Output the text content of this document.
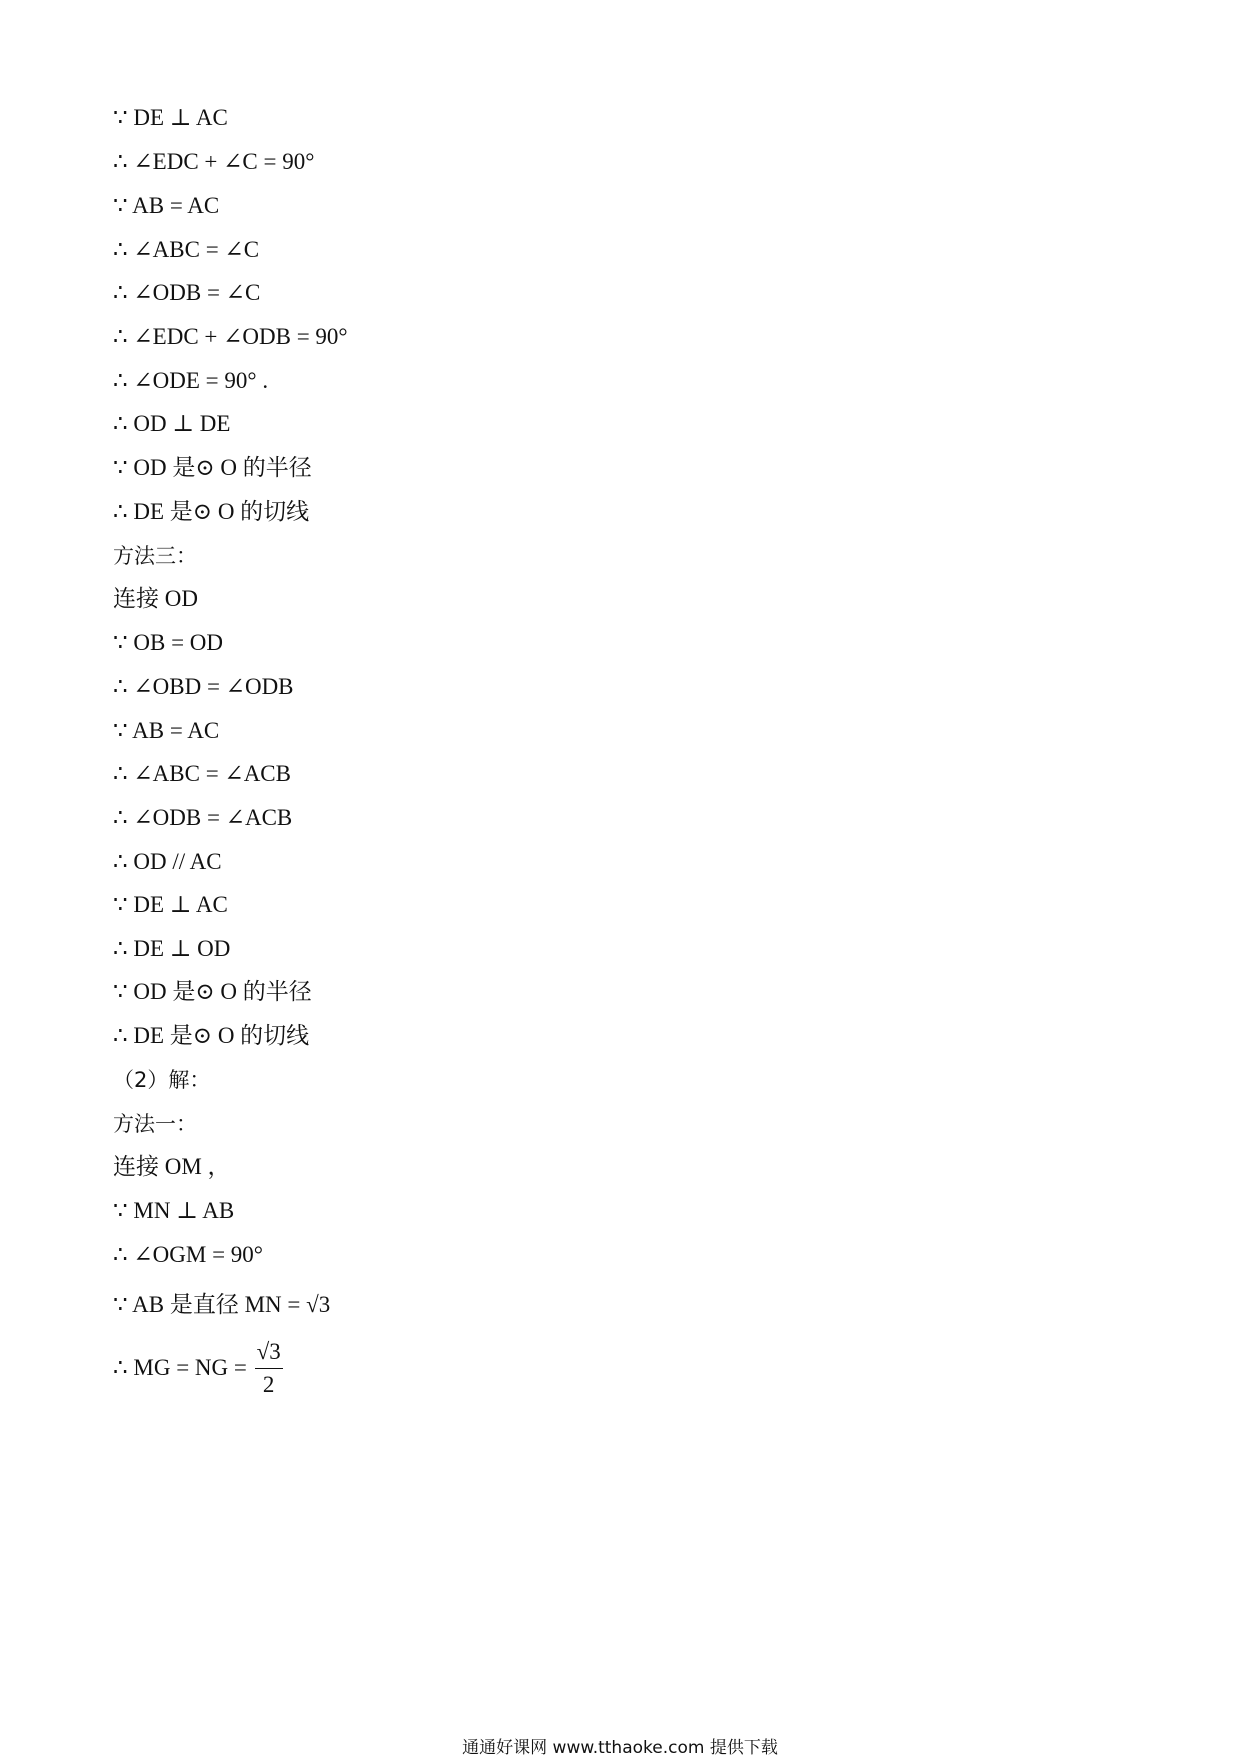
∵ DE ⊥ AC
∴ ∠EDC + ∠C = 90°
∵ AB = AC
∴ ∠ABC = ∠C
∴ ∠ODB = ∠C
∴ ∠EDC + ∠ODB = 90°
∴ ∠ODE = 90° .
∴ OD ⊥ DE
∵ OD 是⊙ O 的半径
∴ DE 是⊙ O 的切线
方法三：
连接 OD
∵ OB = OD
∴ ∠OBD = ∠ODB
∵ AB = AC
∴ ∠ABC = ∠ACB
∴ ∠ODB = ∠ACB
∴ OD // AC
∵ DE ⊥ AC
∴ DE ⊥ OD
∵ OD 是⊙ O 的半径
∴ DE 是⊙ O 的切线
（2）解：
方法一：
连接 OM ，
∵ MN ⊥ AB
∴ ∠OGM = 90°
∵ AB 是直径 MN = √3
∴ MG = NG = $\frac{√3}{2}$
通通好课网 www.tthaoke.com 提供下载
